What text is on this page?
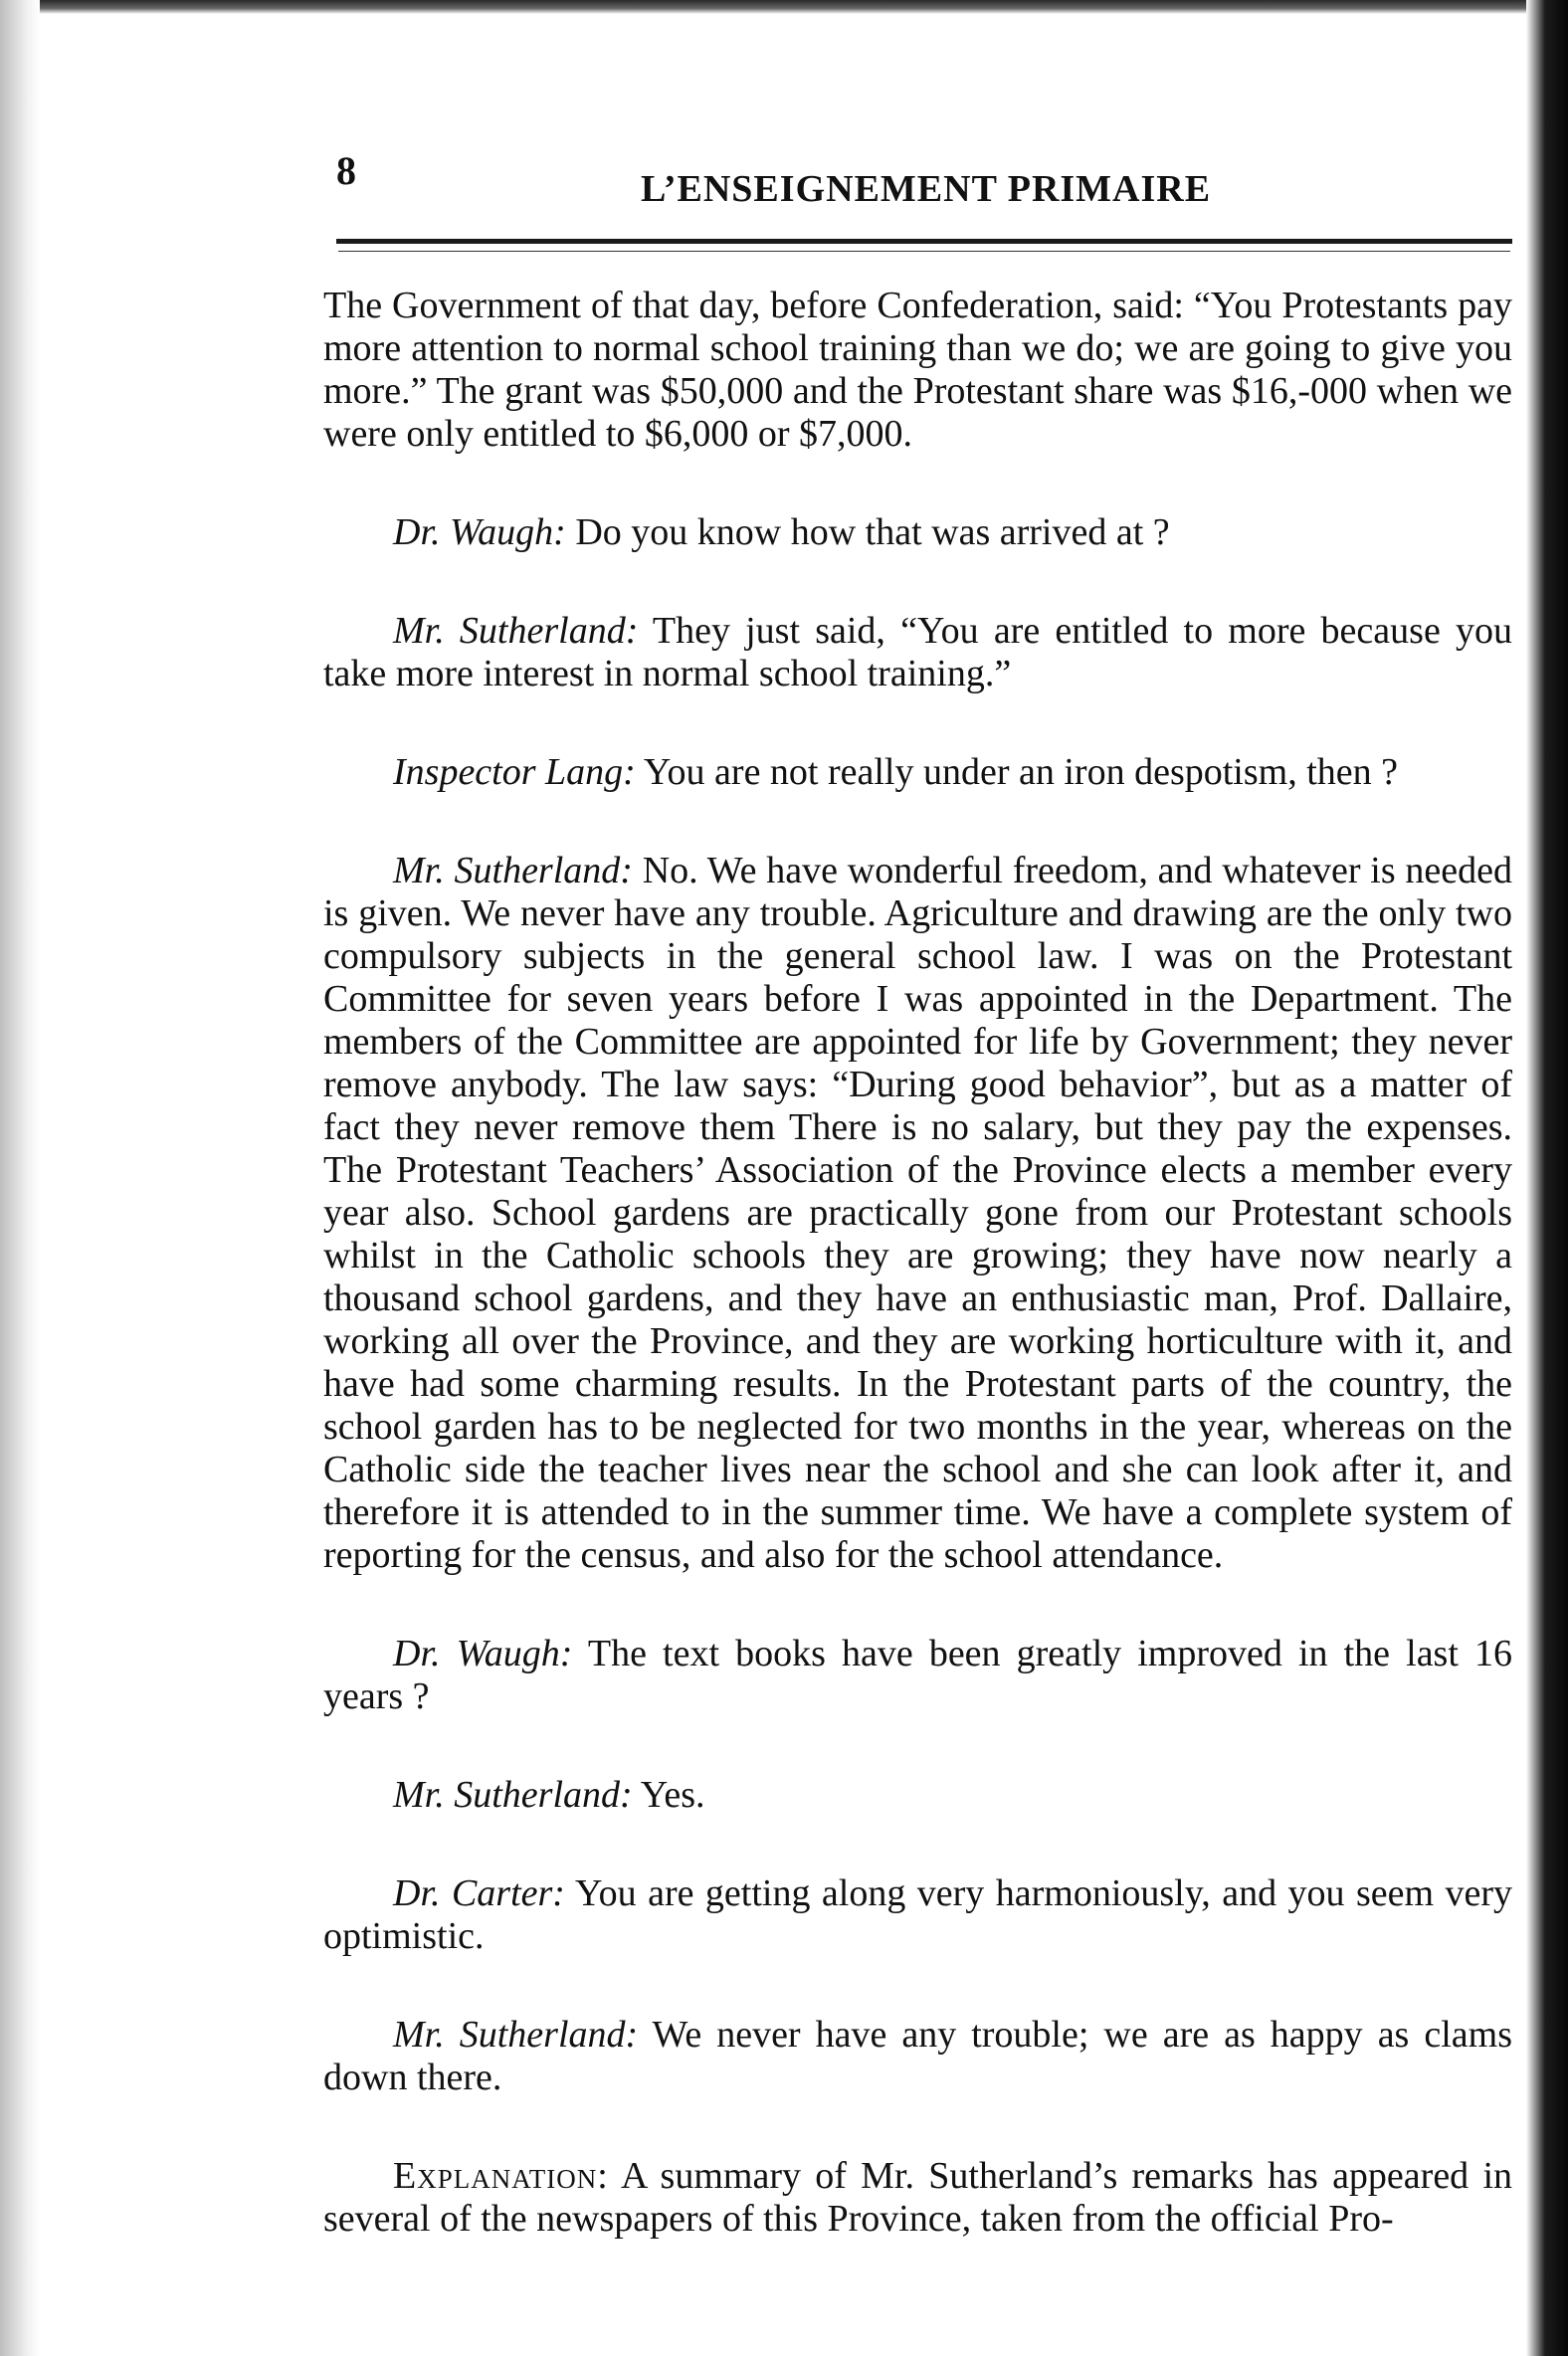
8	L’ENSEIGNEMENT PRIMAIRE

The Government of that day, before Confederation, said: “You Protestants pay more attention to normal school training than we do; we are going to give you more.” The grant was $50,000 and the Protestant share was $16,-000 when we were only entitled to $6,000 or $7,000.

Dr. Waugh: Do you know how that was arrived at ?

Mr. Sutherland: They just said, “You are entitled to more because you take more interest in normal school training.”

Inspector Lang: You are not really under an iron despotism, then ?

Mr. Sutherland: No. We have wonderful freedom, and whatever is needed is given. We never have any trouble. Agriculture and drawing are the only two compulsory subjects in the general school law. I was on the Protestant Committee for seven years before I was appointed in the Department. The members of the Committee are appointed for life by Government; they never remove anybody. The law says: “During good behavior”, but as a matter of fact they never remove them There is no salary, but they pay the expenses. The Protestant Teachers’ Association of the Province elects a member every year also. School gardens are practically gone from our Protestant schools whilst in the Catholic schools they are growing; they have now nearly a thousand school gardens, and they have an enthusiastic man, Prof. Dallaire, working all over the Province, and they are working horticulture with it, and have had some charming results. In the Protestant parts of the country, the school garden has to be neglected for two months in the year, whereas on the Catholic side the teacher lives near the school and she can look after it, and therefore it is attended to in the summer time. We have a complete system of reporting for the census, and also for the school attendance.

Dr. Waugh: The text books have been greatly improved in the last 16 years ?

Mr. Sutherland: Yes.

Dr. Carter: You are getting along very harmoniously, and you seem very optimistic.

Mr. Sutherland: We never have any trouble; we are as happy as clams down there.

Explanation: A summary of Mr. Sutherland’s remarks has appeared in several of the newspapers of this Province, taken from the official Pro-
